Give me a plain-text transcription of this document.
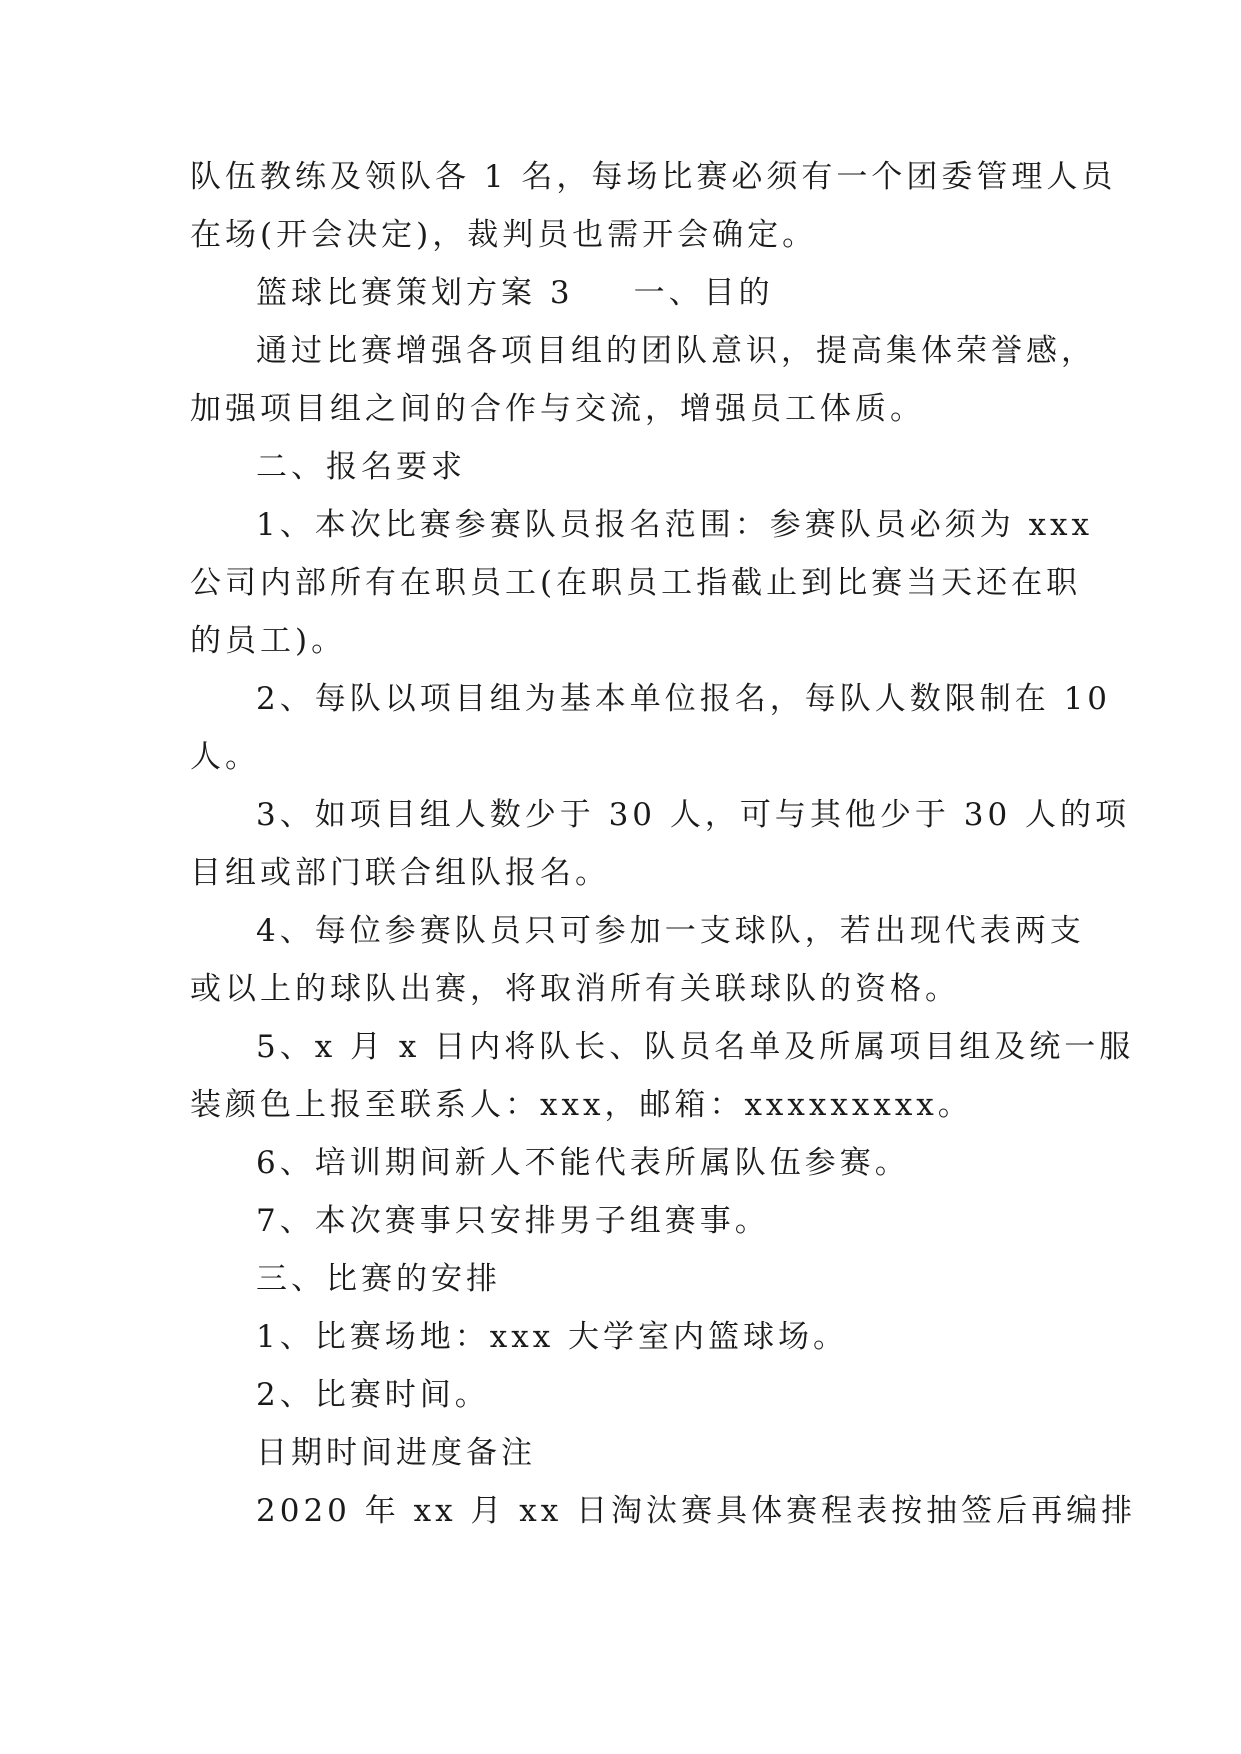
队伍教练及领队各 1 名，每场比赛必须有一个团委管理人员
在场(开会决定)，裁判员也需开会确定。
篮球比赛策划方案 3 一、目的
通过比赛增强各项目组的团队意识，提高集体荣誉感，
加强项目组之间的合作与交流，增强员工体质。
二、报名要求
1、本次比赛参赛队员报名范围：参赛队员必须为 xxx
公司内部所有在职员工(在职员工指截止到比赛当天还在职
的员工)。
2、每队以项目组为基本单位报名，每队人数限制在 10
人。
3、如项目组人数少于 30 人，可与其他少于 30 人的项
目组或部门联合组队报名。
4、每位参赛队员只可参加一支球队，若出现代表两支
或以上的球队出赛，将取消所有关联球队的资格。
5、x 月 x 日内将队长、队员名单及所属项目组及统一服
装颜色上报至联系人：xxx，邮箱：xxxxxxxxx。
6、培训期间新人不能代表所属队伍参赛。
7、本次赛事只安排男子组赛事。
三、比赛的安排
1、比赛场地：xxx 大学室内篮球场。
2、比赛时间。
日期时间进度备注
2020 年 xx 月 xx 日淘汰赛具体赛程表按抽签后再编排
